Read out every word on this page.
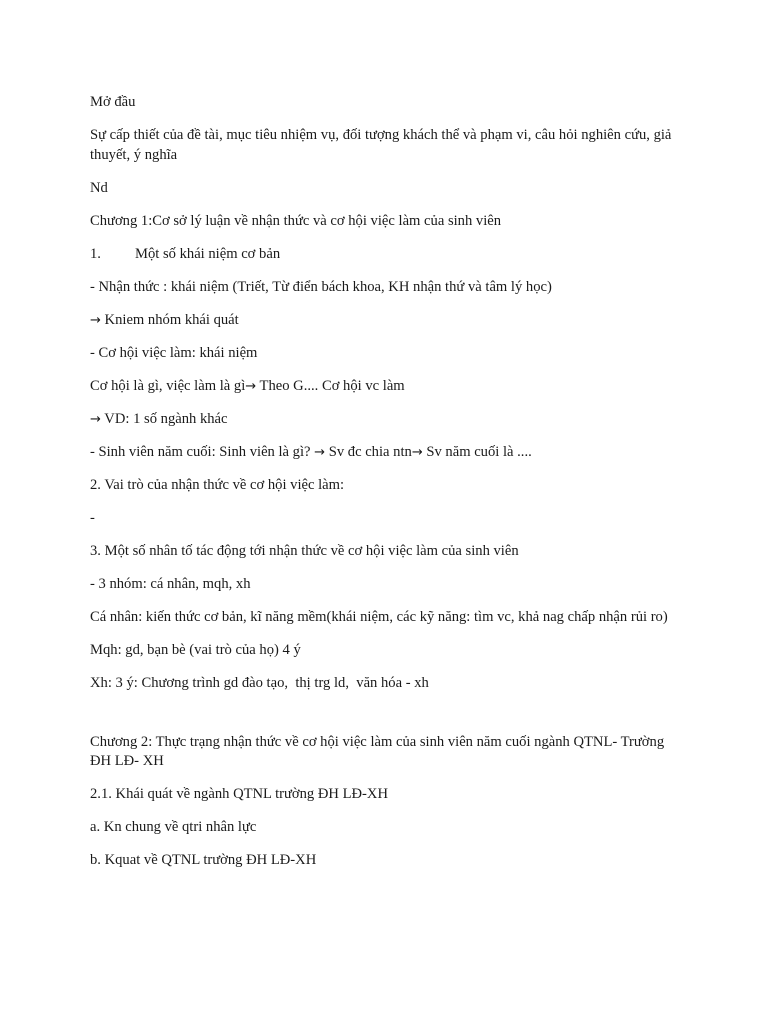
Mở đầu

Sự cấp thiết của đề tài, mục tiêu nhiệm vụ, đối tượng khách thể và phạm vi, câu hỏi nghiên cứu, giả thuyết, ý nghĩa

Nd

Chương 1:Cơ sở lý luận về nhận thức và cơ hội việc làm của sinh viên

1. Một số khái niệm cơ bản

- Nhận thức : khái niệm (Triết, Từ điển bách khoa, KH nhận thứ và tâm lý học)

→ Kniem nhóm khái quát

- Cơ hội việc làm: khái niệm

Cơ hội là gì, việc làm là gì→ Theo G.... Cơ hội vc làm

→ VD: 1 số ngành khác

- Sinh viên năm cuối: Sinh viên là gì? → Sv đc chia ntn→ Sv năm cuối là ....

2. Vai trò của nhận thức về cơ hội việc làm:

-

3. Một số nhân tố tác động tới nhận thức về cơ hội việc làm của sinh viên

- 3 nhóm: cá nhân, mqh, xh

Cá nhân: kiến thức cơ bản, kĩ năng mềm(khái niệm, các kỹ năng: tìm vc, khả nag chấp nhận rủi ro)

Mqh: gd, bạn bè (vai trò của họ) 4 ý

Xh: 3 ý: Chương trình gd đào tạo,  thị trg ld,  văn hóa - xh

Chương 2: Thực trạng nhận thức về cơ hội việc làm của sinh viên năm cuối ngành QTNL- Trường ĐH LĐ- XH

2.1. Khái quát về ngành QTNL trường ĐH LĐ-XH

a. Kn chung về qtri nhân lực

b. Kquat về QTNL trường ĐH LĐ-XH
